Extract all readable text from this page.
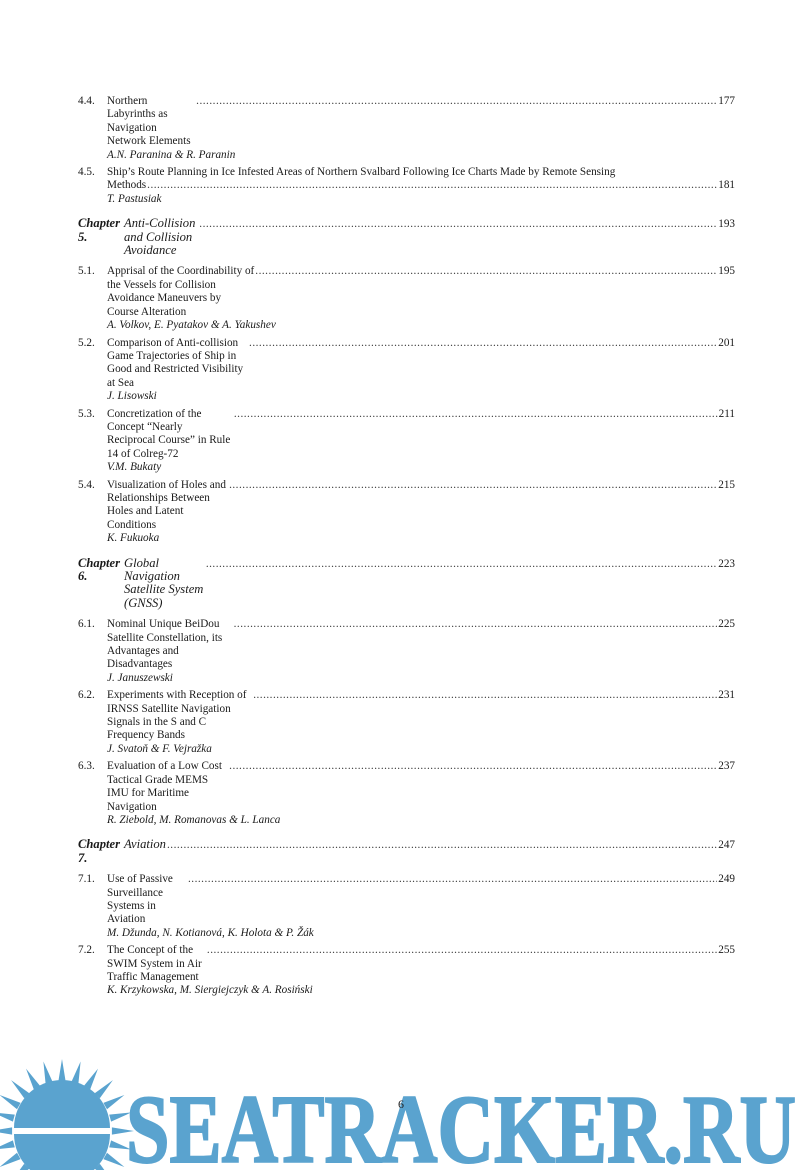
4.4. Northern Labyrinths as Navigation Network Elements
.....
177
A.N. Paranina & R. Paranin
4.5. Ship’s Route Planning in Ice Infested Areas of Northern Svalbard Following Ice Charts Made by Remote Sensing
Methods .....	181
T. Pastusiak
Chapter 5.
Anti-Collision and Collision Avoidance
.....
193
5.1. Apprisal of the Coordinability of the Vessels for Collision Avoidance Maneuvers by Course Alteration
.....
195
A. Volkov, E. Pyatakov & A. Yakushev
5.2. Comparison of Anti-collision Game Trajectories of Ship in Good and Restricted Visibility at Sea
.....
201
J. Lisowski
5.3. Concretization of the Concept “Nearly Reciprocal Course” in Rule 14 of Colreg-72
.....
211
V.M. Bukaty
5.4. Visualization of Holes and Relationships Between Holes and Latent Conditions
.....
215
K. Fukuoka
Chapter 6.
Global Navigation Satellite System (GNSS)
.....
223
6.1. Nominal Unique BeiDou Satellite Constellation, its Advantages and Disadvantages
.....
225
J. Januszewski
6.2. Experiments with Reception of IRNSS Satellite Navigation Signals in the S and C Frequency Bands
.....
231
J. Svatoň & F. Vejražka
6.3. Evaluation of a Low Cost Tactical Grade MEMS IMU for Maritime Navigation
.....
237
R. Ziebold, M. Romanovas & L. Lanca
Chapter 7.
Aviation .....	247
7.1. Use of Passive Surveillance Systems in Aviation
.....
249
M. Džunda, N. Kotianová, K. Holota & P. Žák
7.2. The Concept of the SWIM System in Air Traffic Management
.....
255
K. Krzykowska, M. Siergiejczyk & A. Rosiński
SEATRACKER.RU
6
